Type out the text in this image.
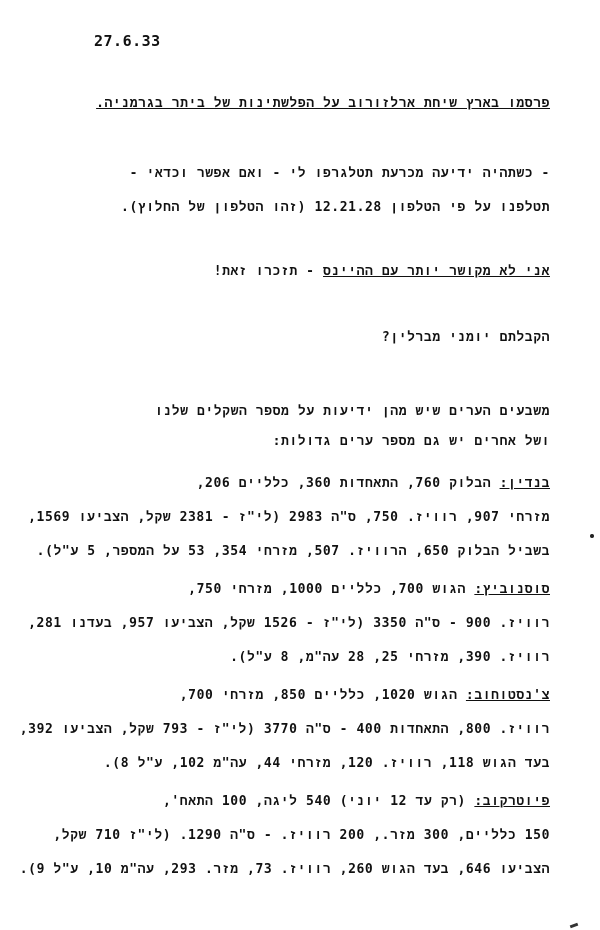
27.6.33
פרסמו בארץ שיחת ארלזורוב על הפלשתינות של ביתר בגרמניה.
- כשתהיה ידיעה מכרעת תטלגרפו לי - ואם אפשר וכדאי -
תטלפנו על פי הטלפון 12.21.28 (זהו הטלפון של החלוץ).
אני לא מקושר יותר עם ההיינס - תזכרו זאת!
הקבלתם יומני מברלין?
משבעים הערים שיש מהן ידיעות על מספר השקלים שלנו
ושל אחרים יש גם מספר ערים גדולות:
בנדין: הבלוק 760, התאחדות 360, כלליים 206,
מזרחי 907, רוויז. 750, ס"ה 2983 (לי"ז - 2381 שקל, הצביעו 1569,
בשביל הבלוק 650, הרוויז. 507, מזרחי 354, 53 על המספר, 5 ע"ל).
סוסנוביץ: הגוש 700, כלליים 1000, מזרחי 750,
רוויז. 900 - ס"ה 3350 (לי"ז - 1526 שקל, הצביעו 957, בעדנו 281,
רוויז. 390, מזרחי 25, 28 עה"מ, 8 ע"ל).
צ'נסטוחוב: הגוש 1020, כלליים 850, מזרחי 700,
רוויז. 800, התאחדות 400 - ס"ה 3770 (לי"ז - 793 שקל, הצביעו 392,
בעד הגוש 118, רוויז. 120, מזרחי 44, עה"מ 102, ע"ל 8).
פיוטרקוב: (רק עד 12 יוני) 540 ליגה, 100 התאח',
150 כלליים, 300 מזר., 200 רוויז. - ס"ה 1290. (לי"ז 710 שקל,
הצביעו 646, בעד הגוש 260, רוויז. 73, מזר. 293, עה"מ 10, ע"ל 9).
